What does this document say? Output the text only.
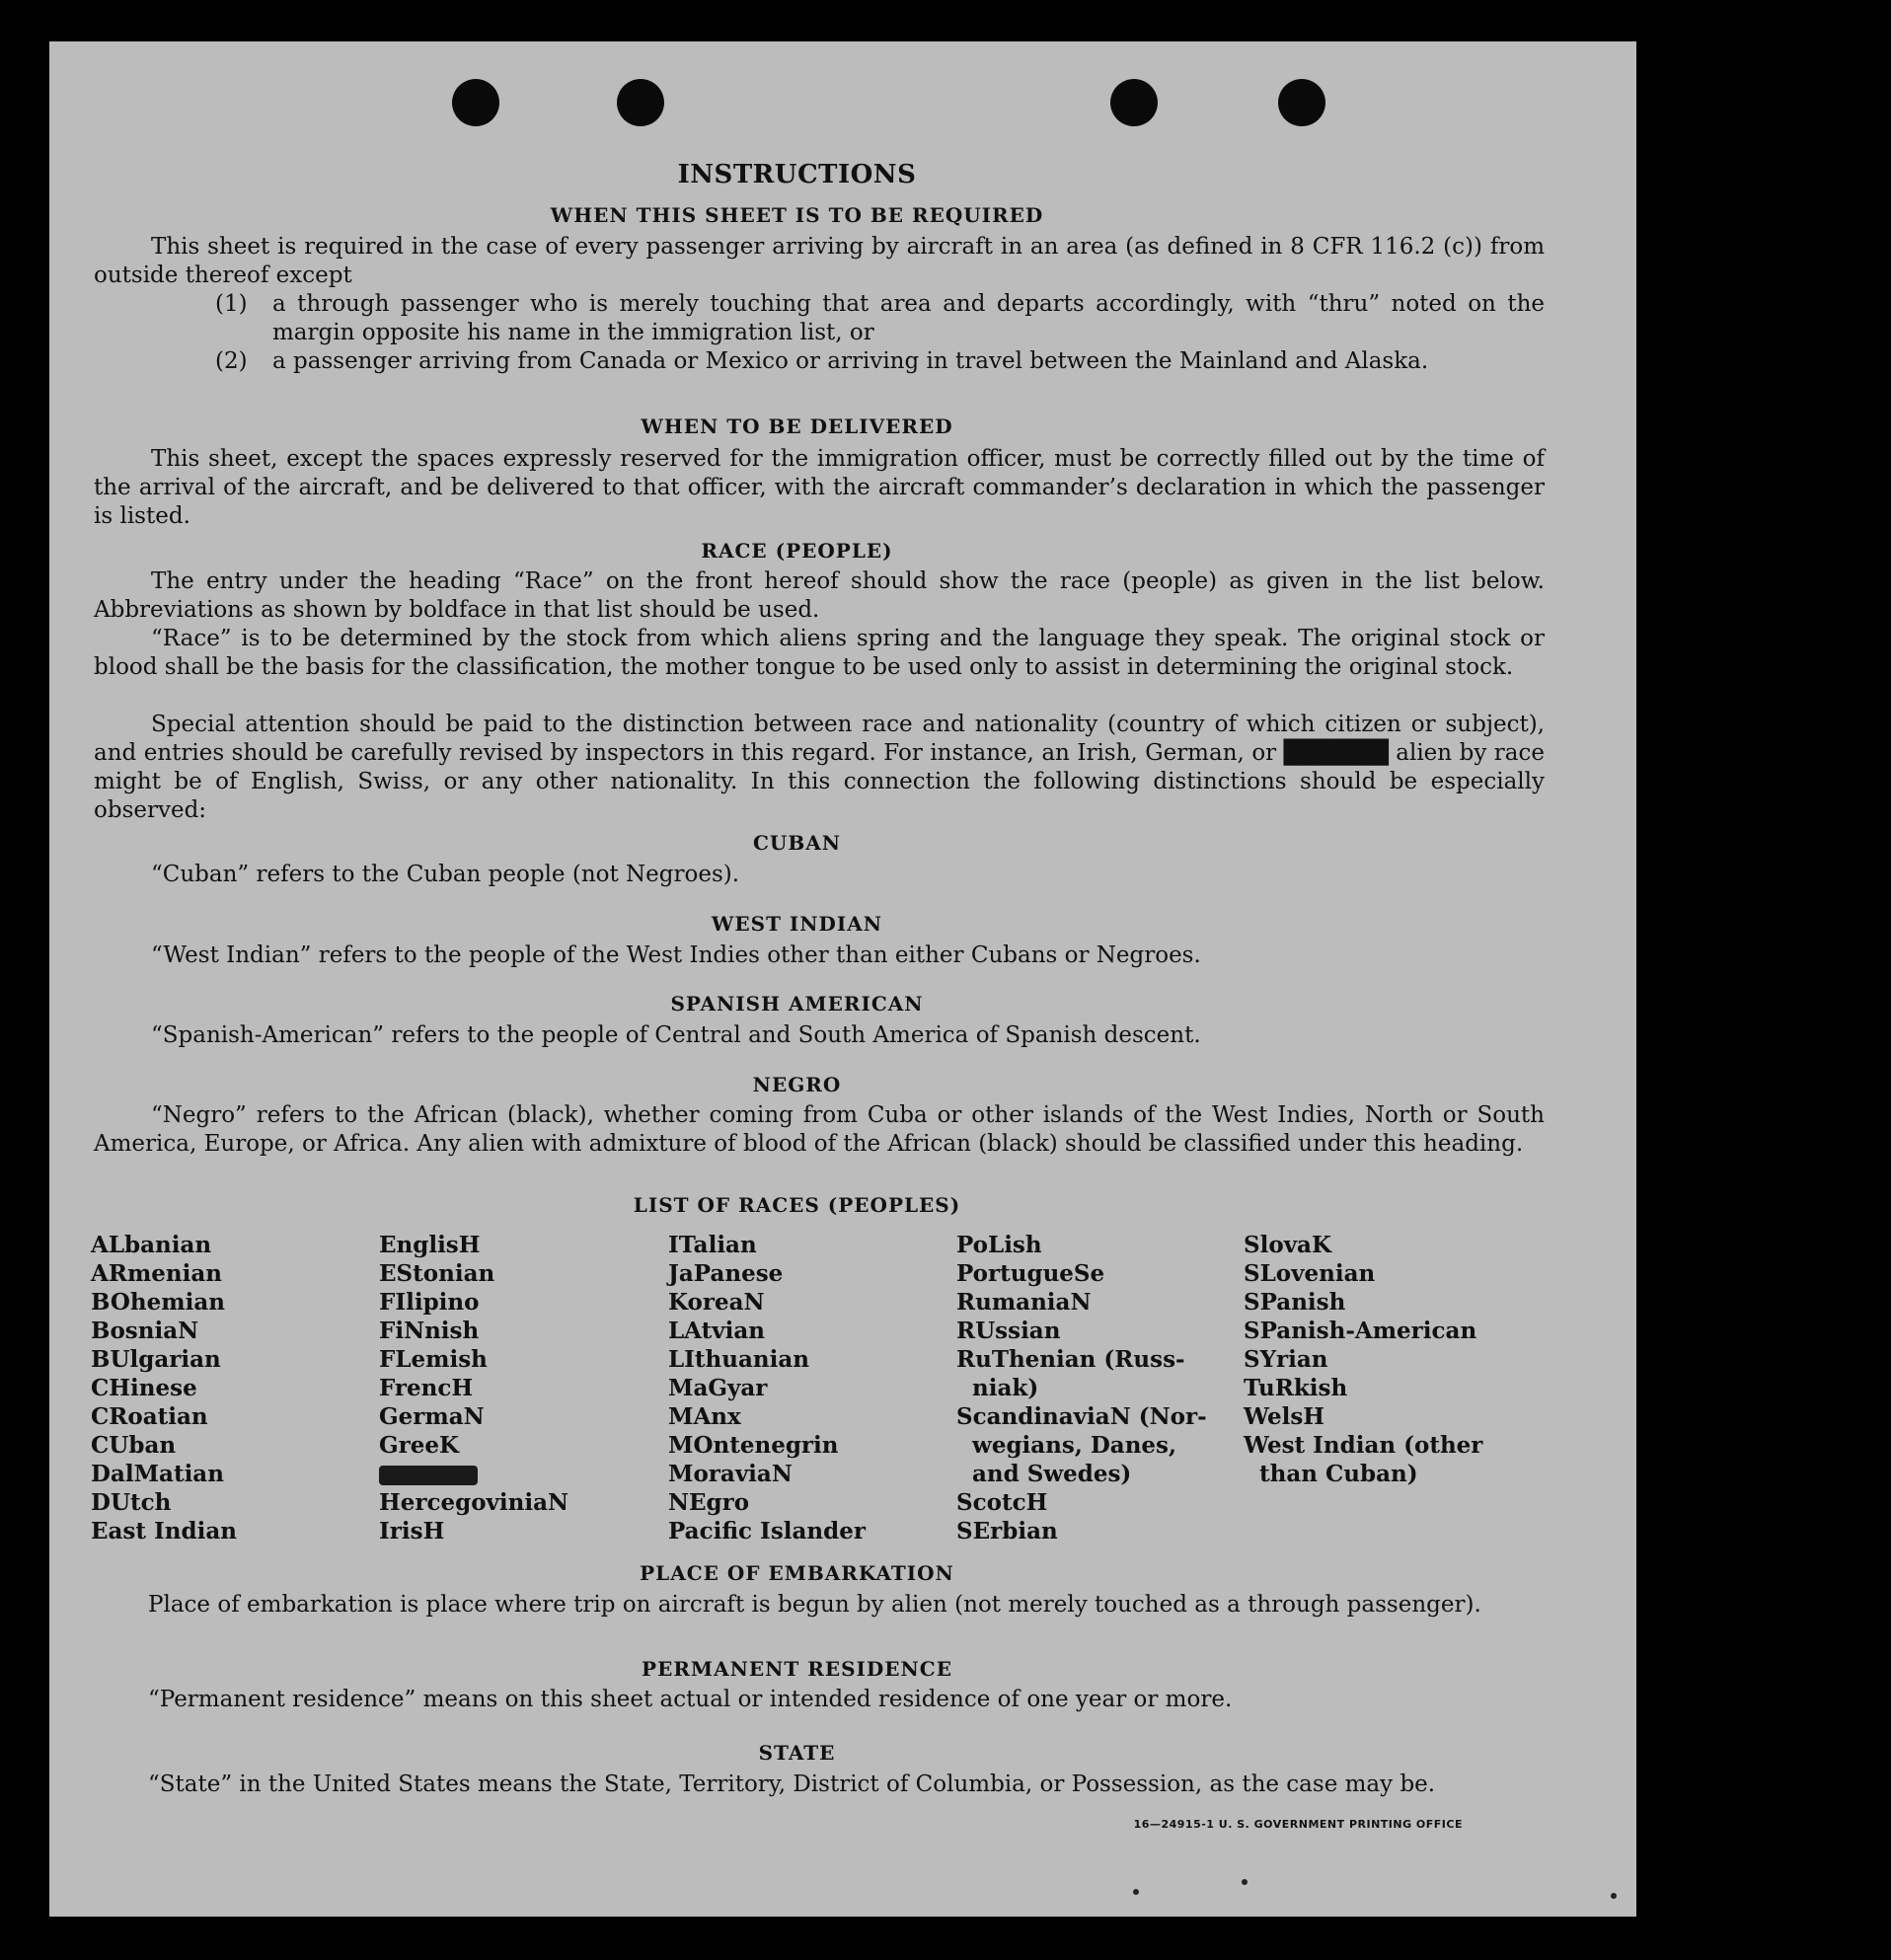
INSTRUCTIONS
WHEN THIS SHEET IS TO BE REQUIRED

This sheet is required in the case of every passenger arriving by aircraft in an area (as defined in 8 CFR 116.2 (c)) from outside thereof except

(1) a through passenger who is merely touching that area and departs accordingly, with “thru” noted on the margin opposite his name in the immigration list, or
(2) a passenger arriving from Canada or Mexico or arriving in travel between the Mainland and Alaska.
WHEN TO BE DELIVERED

This sheet, except the spaces expressly reserved for the immigration officer, must be correctly filled out by the time of the arrival of the aircraft, and be delivered to that officer, with the aircraft commander’s declaration in which the passenger is listed.

RACE (PEOPLE)

The entry under the heading “Race” on the front hereof should show the race (people) as given in the list below. Abbreviations as shown by boldface in that list should be used.

“Race” is to be determined by the stock from which aliens spring and the language they speak. The original stock or blood shall be the basis for the classification, the mother tongue to be used only to assist in determining the original stock.

Special attention should be paid to the distinction between race and nationality (country of which citizen or subject), and entries should be carefully revised by inspectors in this regard. For instance, an Irish, German, or ██████ alien by race might be of English, Swiss, or any other nationality. In this connection the following distinctions should be especially observed:

CUBAN

“Cuban” refers to the Cuban people (not Negroes).

WEST INDIAN

“West Indian” refers to the people of the West Indies other than either Cubans or Negroes.

SPANISH AMERICAN

“Spanish-American” refers to the people of Central and South America of Spanish descent.

NEGRO

“Negro” refers to the African (black), whether coming from Cuba or other islands of the West Indies, North or South America, Europe, or Africa. Any alien with admixture of blood of the African (black) should be classified under this heading.

LIST OF RACES (PEOPLES)
ALbanian
ARmenian
BOhemian
BosniaN
BUlgarian
CHinese
CRoatian
CUban
DalMatian
DUtch
East Indian
EnglisH
EStonian
FIlipino
FiNnish
FLemish
FrencH
GermaN
GreeK
HercegoviniaN
IrisH
ITalian
JaPanese
KoreaN
LAtvian
LIthuanian
MaGyar
MAnx
MOntenegrin
MoraviaN
NEgro
Pacific Islander
PoLish
PortugueSe
RumaniaN
RUssian
RuThenian (Russ-
niak)
ScandinaviaN (Nor-
wegians, Danes,
and Swedes)
ScotcH
SErbian
SlovaK
SLovenian
SPanish
SPanish-American
SYrian
TuRkish
WelsH
West Indian (other
than Cuban)
PLACE OF EMBARKATION

Place of embarkation is place where trip on aircraft is begun by alien (not merely touched as a through passenger).

PERMANENT RESIDENCE

“Permanent residence” means on this sheet actual or intended residence of one year or more.

STATE

“State” in the United States means the State, Territory, District of Columbia, or Possession, as the case may be.

16—24915-1 U. S. GOVERNMENT PRINTING OFFICE
